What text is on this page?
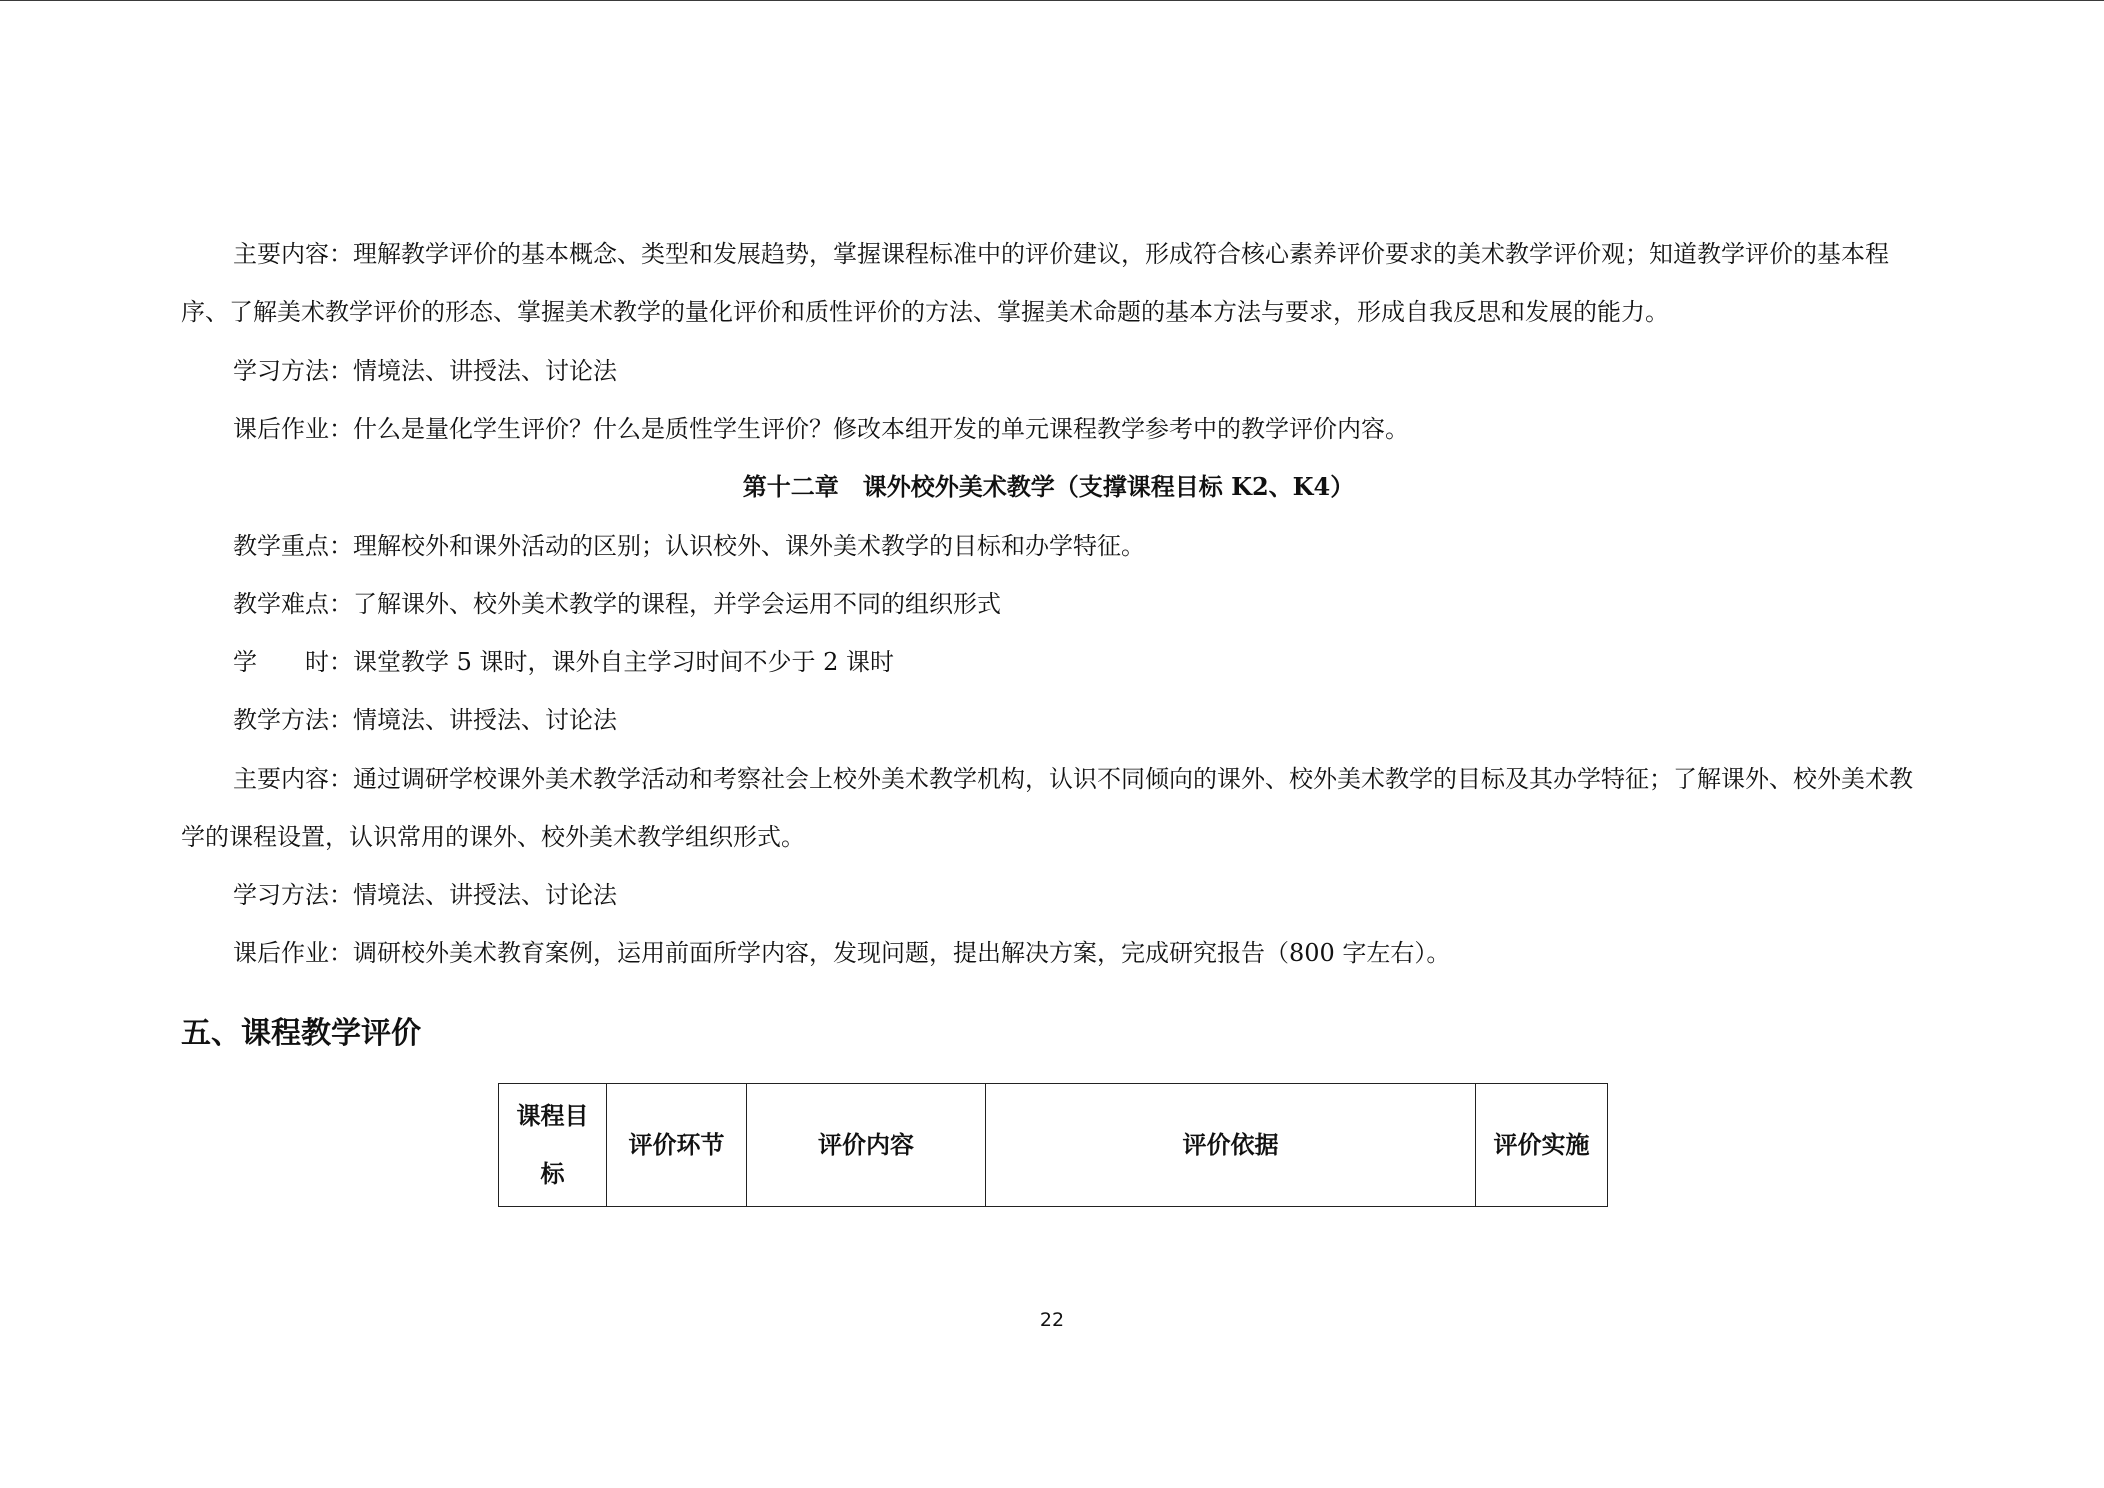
主要内容：理解教学评价的基本概念、类型和发展趋势，掌握课程标准中的评价建议，形成符合核心素养评价要求的美术教学评价观；知道教学评价的基本程序、了解美术教学评价的形态、掌握美术教学的量化评价和质性评价的方法、掌握美术命题的基本方法与要求，形成自我反思和发展的能力。
学习方法：情境法、讲授法、讨论法
课后作业：什么是量化学生评价？什么是质性学生评价？修改本组开发的单元课程教学参考中的教学评价内容。
第十二章　课外校外美术教学（支撑课程目标 K2、K4）
教学重点：理解校外和课外活动的区别；认识校外、课外美术教学的目标和办学特征。
教学难点：了解课外、校外美术教学的课程，并学会运用不同的组织形式
学　　时：课堂教学 5 课时，课外自主学习时间不少于 2 课时
教学方法：情境法、讲授法、讨论法
主要内容：通过调研学校课外美术教学活动和考察社会上校外美术教学机构，认识不同倾向的课外、校外美术教学的目标及其办学特征；了解课外、校外美术教学的课程设置，认识常用的课外、校外美术教学组织形式。
学习方法：情境法、讲授法、讨论法
课后作业：调研校外美术教育案例，运用前面所学内容，发现问题，提出解决方案，完成研究报告（800 字左右）。
五、课程教学评价
课程目标	评价环节	评价内容	评价依据	评价实施
22
